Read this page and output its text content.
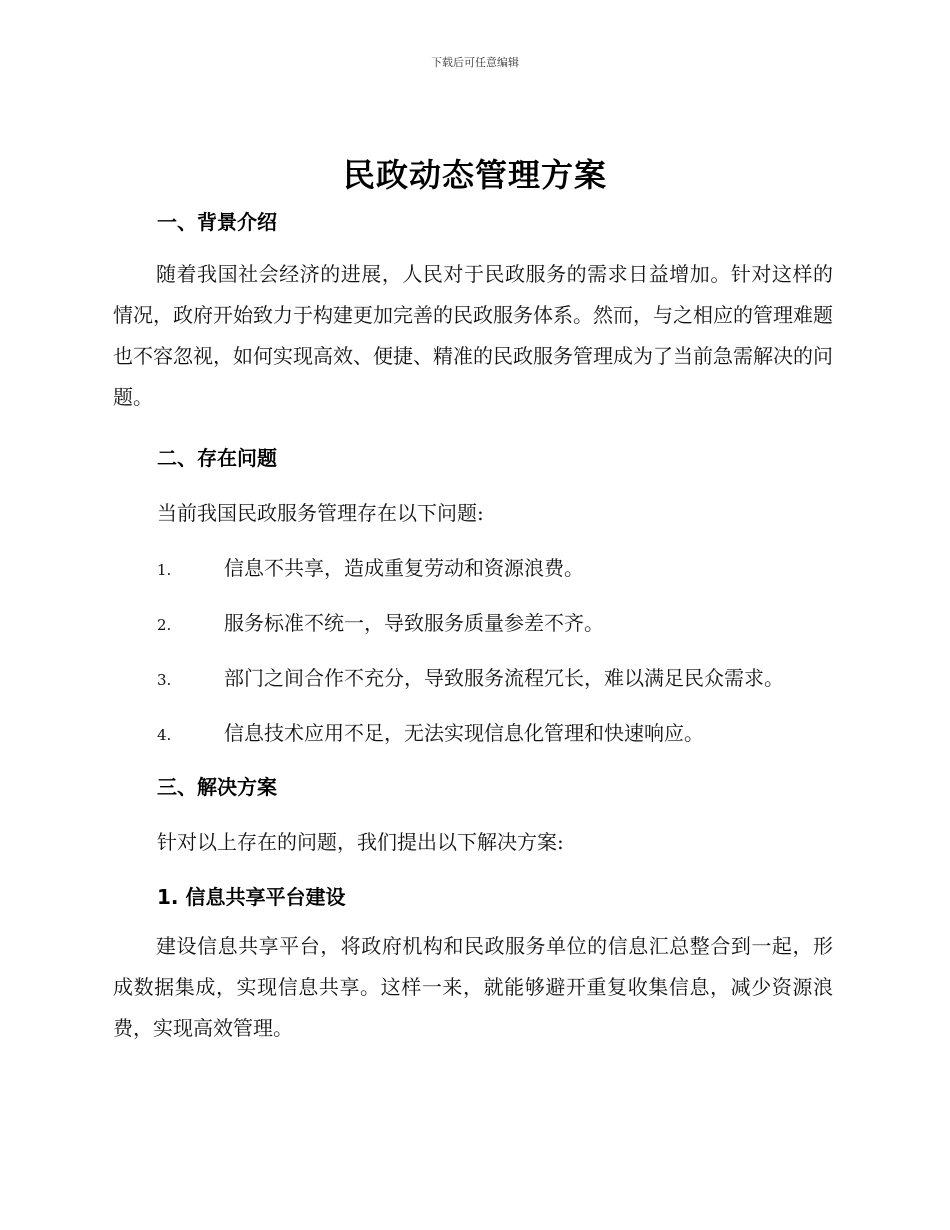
下载后可任意编辑
民政动态管理方案
一、背景介绍

随着我国社会经济的进展，人民对于民政服务的需求日益增加。针对这样的情况，政府开始致力于构建更加完善的民政服务体系。然而，与之相应的管理难题也不容忽视，如何实现高效、便捷、精准的民政服务管理成为了当前急需解决的问题。

二、存在问题

当前我国民政服务管理存在以下问题:

1.	信息不共享，造成重复劳动和资源浪费。
2.	服务标准不统一，导致服务质量参差不齐。
3.	部门之间合作不充分，导致服务流程冗长，难以满足民众需求。
4.	信息技术应用不足，无法实现信息化管理和快速响应。
三、解决方案

针对以上存在的问题，我们提出以下解决方案:

1. 信息共享平台建设

建设信息共享平台，将政府机构和民政服务单位的信息汇总整合到一起，形成数据集成，实现信息共享。这样一来，就能够避开重复收集信息，减少资源浪费，实现高效管理。
